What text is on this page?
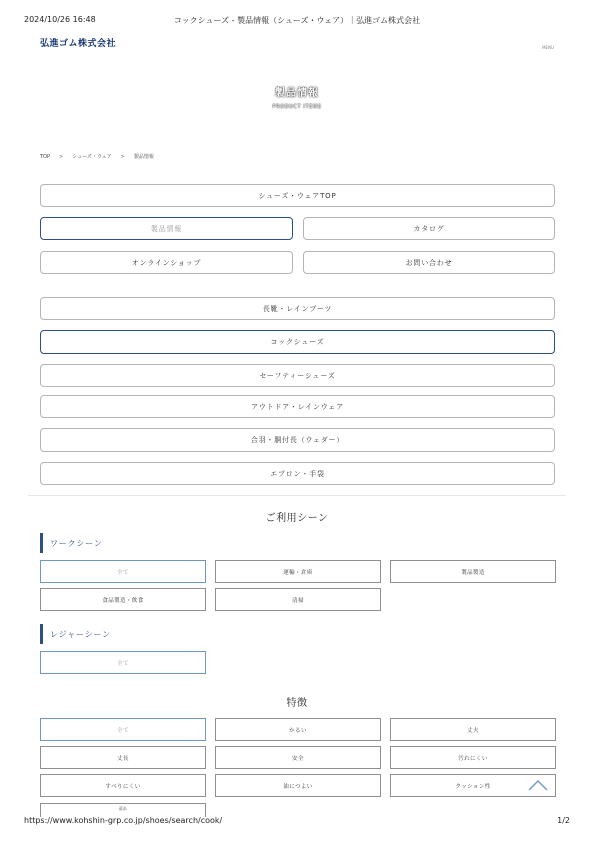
2024/10/26 16:48	コックシューズ - 製品情報（シューズ・ウェア）｜弘進ゴム株式会社
弘進ゴム株式会社	MENU
製品情報
PRODUCT ITEMS
TOP > シューズ・ウェア > 製品情報
シューズ・ウェアTOP
製品情報	カタログ
オンラインショップ	お問い合わせ
長靴・レインブーツ
コックシューズ
セーフティーシューズ
アウトドア・レインウェア
合羽・胴付長（ウェダー）
エプロン・手袋
ご利用シーン
ワークシーン
全て	運輸・倉庫	製品製造
食品製造・飲食	清掃
レジャーシーン
全て
特徴
全て	かるい	丈夫
丈長	安全	汚れにくい
すべりにくい	油につよい	クッション性
蒸れ
https://www.kohshin-grp.co.jp/shoes/search/cook/	1/2
